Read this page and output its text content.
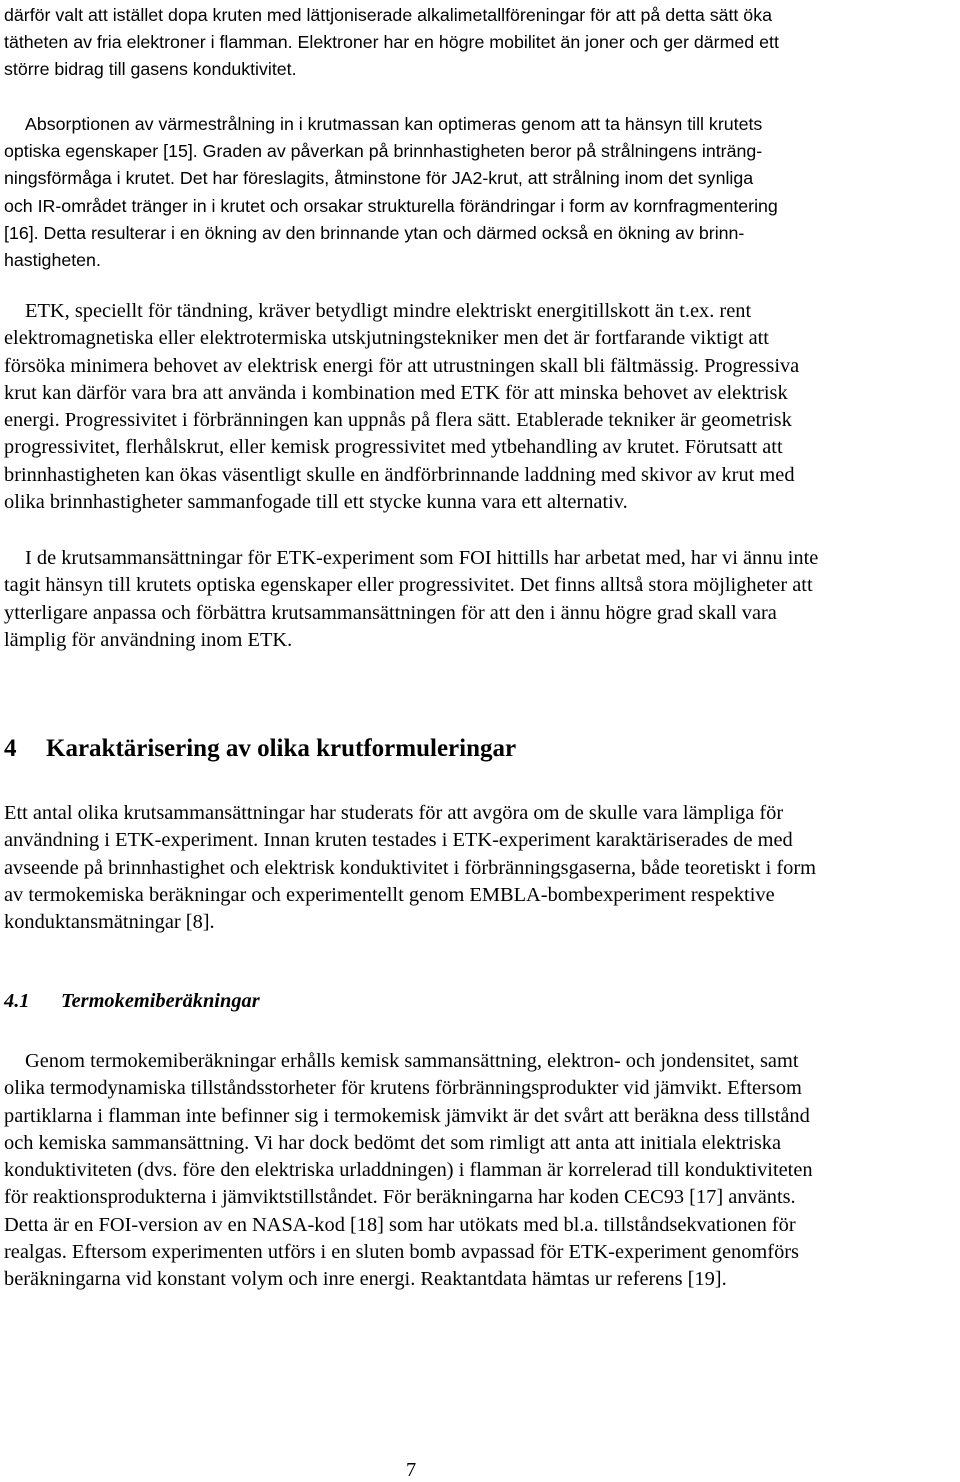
därför valt att istället dopa kruten med lättjoniserade alkalimetallföreningar för att på detta sätt öka
tätheten av fria elektroner i flamman. Elektroner har en högre mobilitet än joner och ger därmed ett
större bidrag till gasens konduktivitet.
Absorptionen av värmestrålning in i krutmassan kan optimeras genom att ta hänsyn till krutets
optiska egenskaper [15]. Graden av påverkan på brinnhastigheten beror på strålningens inträng-
ningsförmåga i krutet. Det har föreslagits, åtminstone för JA2-krut, att strålning inom det synliga
och IR-området tränger in i krutet och orsakar strukturella förändringar i form av kornfragmentering
[16]. Detta resulterar i en ökning av den brinnande ytan och därmed också en ökning av brinn-
hastigheten.
ETK, speciellt för tändning, kräver betydligt mindre elektriskt energitillskott än t.ex. rent
elektromagnetiska eller elektrotermiska utskjutningstekniker men det är fortfarande viktigt att
försöka minimera behovet av elektrisk energi för att utrustningen skall bli fältmässig. Progressiva
krut kan därför vara bra att använda i kombination med ETK för att minska behovet av elektrisk
energi. Progressivitet i förbränningen kan uppnås på flera sätt. Etablerade tekniker är geometrisk
progressivitet, flerhålskrut, eller kemisk progressivitet med ytbehandling av krutet. Förutsatt att
brinnhastigheten kan ökas väsentligt skulle en ändförbrinnande laddning med skivor av krut med
olika brinnhastigheter sammanfogade till ett stycke kunna vara ett alternativ.
I de krutsammansättningar för ETK-experiment som FOI hittills har arbetat med, har vi ännu inte
tagit hänsyn till krutets optiska egenskaper eller progressivitet. Det finns alltså stora möjligheter att
ytterligare anpassa och förbättra krutsammansättningen för att den i ännu högre grad skall vara
lämplig för användning inom ETK.
4 Karaktärisering av olika krutformuleringar
Ett antal olika krutsammansättningar har studerats för att avgöra om de skulle vara lämpliga för
användning i ETK-experiment. Innan kruten testades i ETK-experiment karaktäriserades de med
avseende på brinnhastighet och elektrisk konduktivitet i förbränningsgaserna, både teoretiskt i form
av termokemiska beräkningar och experimentellt genom EMBLA-bombexperiment respektive
konduktansmätningar [8].
4.1 Termokemiberäkningar
Genom termokemiberäkningar erhålls kemisk sammansättning, elektron- och jondensitet, samt
olika termodynamiska tillståndsstorheter för krutens förbränningsprodukter vid jämvikt. Eftersom
partiklarna i flamman inte befinner sig i termokemisk jämvikt är det svårt att beräkna dess tillstånd
och kemiska sammansättning. Vi har dock bedömt det som rimligt att anta att initiala elektriska
konduktiviteten (dvs. före den elektriska urladdningen) i flamman är korrelerad till konduktiviteten
för reaktionsprodukterna i jämviktstillståndet. För beräkningarna har koden CEC93 [17] använts.
Detta är en FOI-version av en NASA-kod [18] som har utökats med bl.a. tillståndsekvationen för
realgas. Eftersom experimenten utförs i en sluten bomb avpassad för ETK-experiment genomförs
beräkningarna vid konstant volym och inre energi. Reaktantdata hämtas ur referens [19].
7
